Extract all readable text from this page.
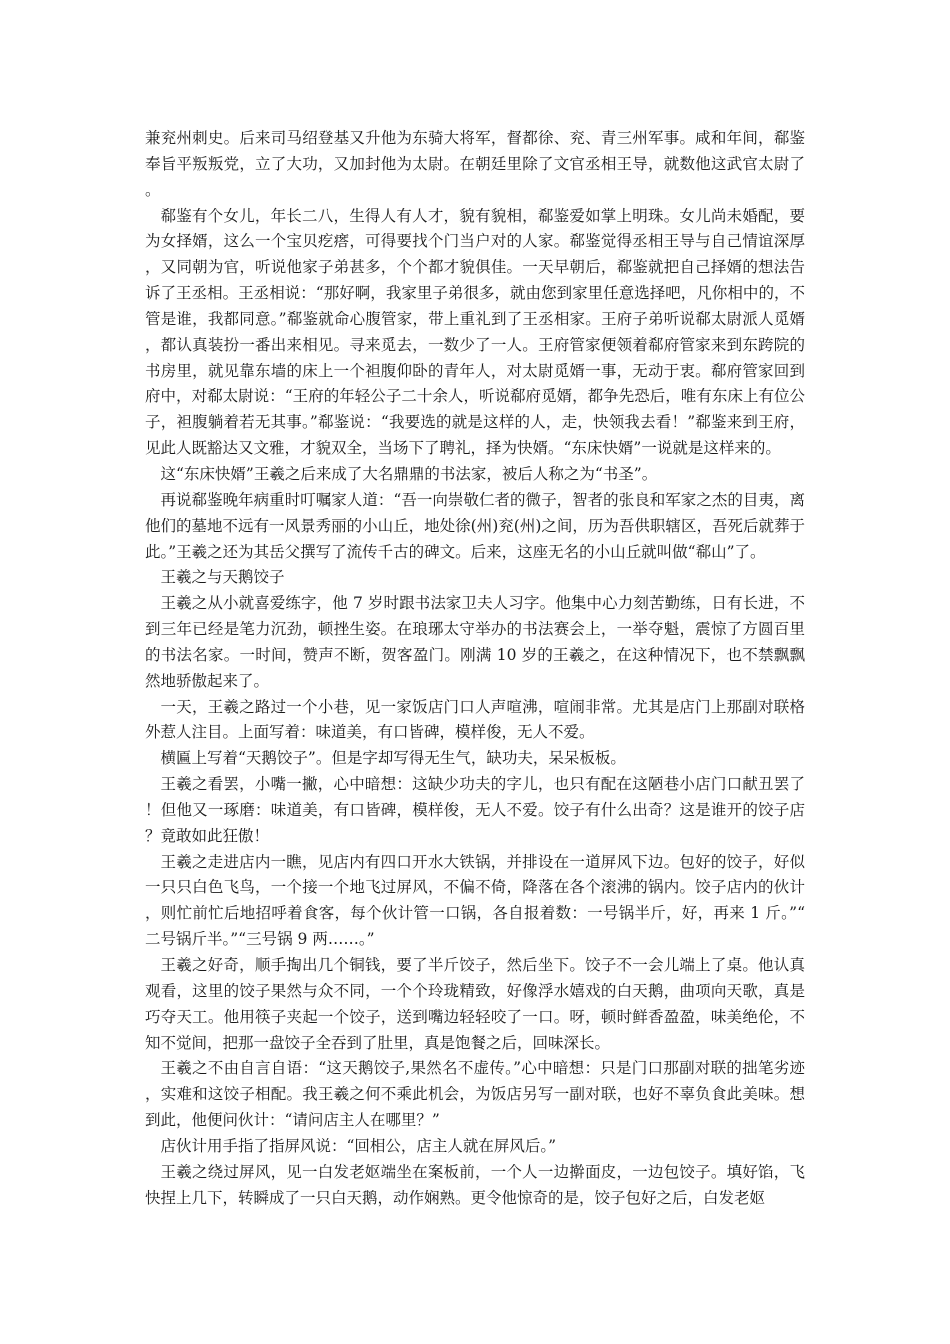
兼兖州刺史。后来司马绍登基又升他为东骑大将军，督都徐、兖、青三州军事。咸和年间，郗鉴奉旨平叛叛党，立了大功，又加封他为太尉。在朝廷里除了文官丞相王导，就数他这武官太尉了。

郗鉴有个女儿，年长二八，生得人有人才，貌有貌相，郗鉴爱如掌上明珠。女儿尚未婚配，要为女择婿，这么一个宝贝疙瘩，可得要找个门当户对的人家。郗鉴觉得丞相王导与自己情谊深厚，又同朝为官，听说他家子弟甚多，个个都才貌俱佳。一天早朝后，郗鉴就把自己择婿的想法告诉了王丞相。王丞相说：“那好啊，我家里子弟很多，就由您到家里任意选择吧，凡你相中的，不管是谁，我都同意。”郗鉴就命心腹管家，带上重礼到了王丞相家。王府子弟听说郗太尉派人觅婿，都认真装扮一番出来相见。寻来觅去，一数少了一人。王府管家便领着郗府管家来到东跨院的书房里，就见靠东墙的床上一个袒腹仰卧的青年人，对太尉觅婿一事，无动于衷。郗府管家回到府中，对郗太尉说：“王府的年轻公子二十余人，听说郗府觅婿，都争先恐后，唯有东床上有位公子，袒腹躺着若无其事。”郗鉴说：“我要选的就是这样的人，走，快领我去看！”郗鉴来到王府，见此人既豁达又文雅，才貌双全，当场下了聘礼，择为快婿。“东床快婿”一说就是这样来的。

这“东床快婿”王羲之后来成了大名鼎鼎的书法家，被后人称之为“书圣”。

再说郗鉴晚年病重时叮嘱家人道：“吾一向崇敬仁者的微子，智者的张良和军家之杰的目夷，离他们的墓地不远有一风景秀丽的小山丘，地处徐(州)兖(州)之间，历为吾供职辖区，吾死后就葬于此。”王羲之还为其岳父撰写了流传千古的碑文。后来，这座无名的小山丘就叫做“郗山”了。

王羲之与天鹅饺子

王羲之从小就喜爱练字，他 7 岁时跟书法家卫夫人习字。他集中心力刻苦勤练，日有长进，不到三年已经是笔力沉劲，顿挫生姿。在琅琊太守举办的书法赛会上，一举夺魁，震惊了方圆百里的书法名家。一时间，赞声不断，贺客盈门。刚满 10 岁的王羲之，在这种情况下，也不禁飘飘然地骄傲起来了。

一天，王羲之路过一个小巷，见一家饭店门口人声喧沸，喧闹非常。尤其是店门上那副对联格外惹人注目。上面写着：味道美，有口皆碑，模样俊，无人不爱。

横匾上写着“天鹅饺子”。但是字却写得无生气，缺功夫，呆呆板板。

王羲之看罢，小嘴一撇，心中暗想：这缺少功夫的字儿，也只有配在这陋巷小店门口献丑罢了！但他又一琢磨：味道美，有口皆碑，模样俊，无人不爱。饺子有什么出奇？这是谁开的饺子店？竟敢如此狂傲！

王羲之走进店内一瞧，见店内有四口开水大铁锅，并排设在一道屏风下边。包好的饺子，好似一只只白色飞鸟，一个接一个地飞过屏风，不偏不倚，降落在各个滚沸的锅内。饺子店内的伙计，则忙前忙后地招呼着食客，每个伙计管一口锅，各自报着数：一号锅半斤，好，再来 1 斤。”“二号锅斤半。”“三号锅 9 两……。”

王羲之好奇，顺手掏出几个铜钱，要了半斤饺子，然后坐下。饺子不一会儿端上了桌。他认真观看，这里的饺子果然与众不同，一个个玲珑精致，好像浮水嬉戏的白天鹅，曲项向天歌，真是巧夺天工。他用筷子夹起一个饺子，送到嘴边轻轻咬了一口。呀，顿时鲜香盈盈，味美绝伦，不知不觉间，把那一盘饺子全吞到了肚里，真是饱餐之后，回味深长。

王羲之不由自言自语：“这天鹅饺子,果然名不虚传。”心中暗想：只是门口那副对联的拙笔劣迹，实难和这饺子相配。我王羲之何不乘此机会，为饭店另写一副对联，也好不辜负食此美味。想到此，他便问伙计：“请问店主人在哪里？”

店伙计用手指了指屏风说：“回相公，店主人就在屏风后。”

王羲之绕过屏风，见一白发老妪端坐在案板前，一个人一边擀面皮，一边包饺子。填好馅，飞快捏上几下，转瞬成了一只白天鹅，动作娴熟。更令他惊奇的是，饺子包好之后，白发老妪
